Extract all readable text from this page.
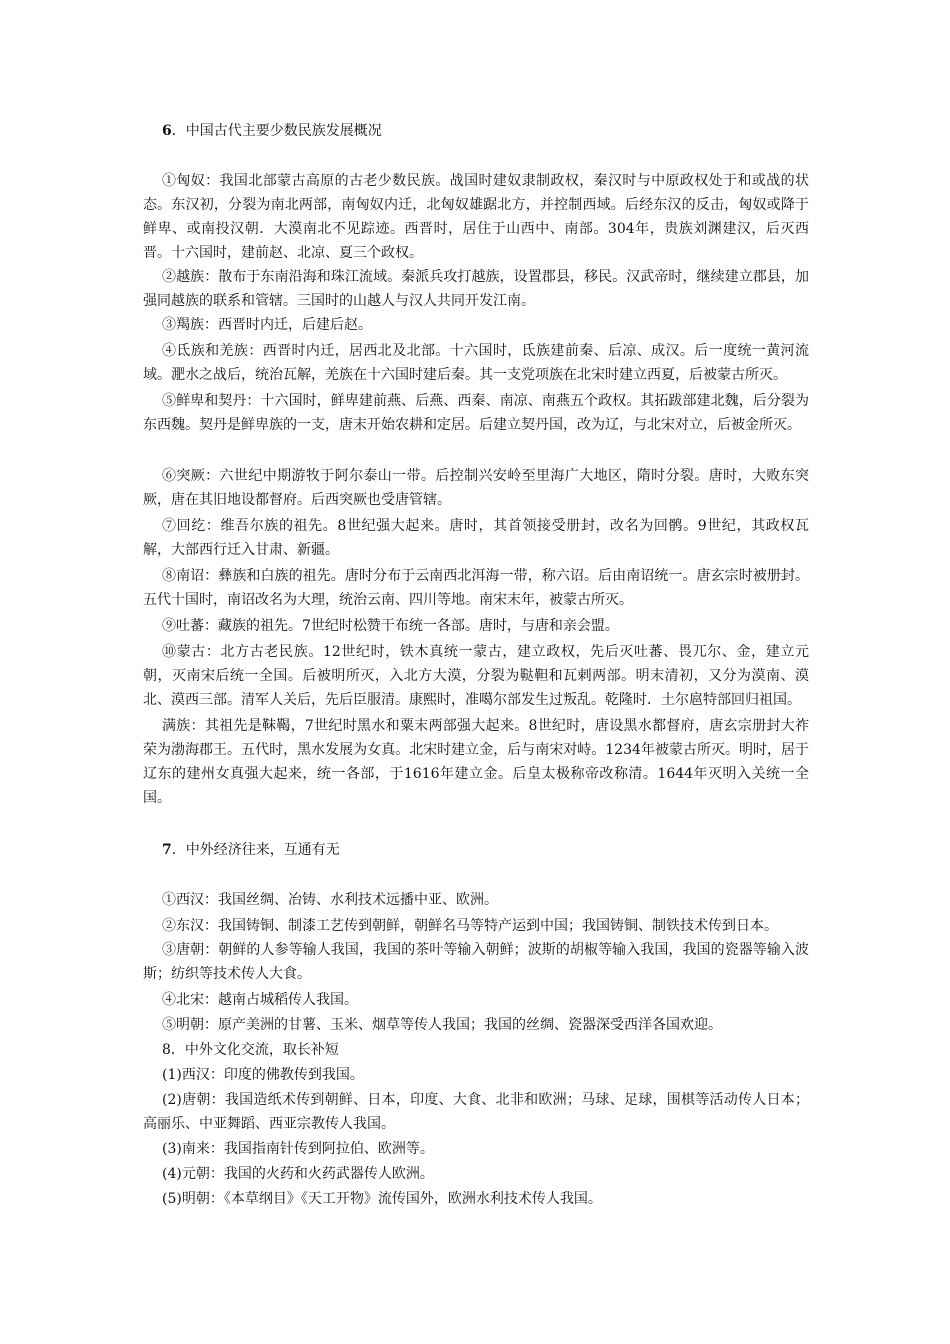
6．中国古代主要少数民族发展概况
①匈奴：我国北部蒙古高原的古老少数民族。战国时建奴隶制政权，秦汉时与中原政权处于和或战的状态。东汉初，分裂为南北两部，南匈奴内迁，北匈奴雄踞北方，并控制西域。后经东汉的反击，匈奴或降于鲜卑、或南投汉朝．大漠南北不见踪迹。西晋时，居住于山西中、南部。304年，贵族刘渊建汉，后灭西晋。十六国时，建前赵、北凉、夏三个政权。
②越族：散布于东南沿海和珠江流域。秦派兵攻打越族，设置郡县，移民。汉武帝时，继续建立郡县，加强同越族的联系和管辖。三国时的山越人与汉人共同开发江南。
③羯族：西晋时内迁，后建后赵。
④氐族和羌族：西晋时内迁，居西北及北部。十六国时，氐族建前秦、后凉、成汉。后一度统一黄河流域。淝水之战后，统治瓦解，羌族在十六国时建后秦。其一支党项族在北宋时建立西夏，后被蒙古所灭。
⑤鲜卑和契丹：十六国时，鲜卑建前燕、后燕、西秦、南凉、南燕五个政权。其拓跋部建北魏，后分裂为东西魏。契丹是鲜卑族的一支，唐末开始农耕和定居。后建立契丹国，改为辽，与北宋对立，后被金所灭。
⑥突厥：六世纪中期游牧于阿尔泰山一带。后控制兴安岭至里海广大地区，隋时分裂。唐时，大败东突厥，唐在其旧地设都督府。后西突厥也受唐管辖。
⑦回纥：维吾尔族的祖先。8世纪强大起来。唐时，其首领接受册封，改名为回鹘。9世纪，其政权瓦解，大部西行迁入甘肃、新疆。
⑧南诏：彝族和白族的祖先。唐时分布于云南西北洱海一带，称六诏。后由南诏统一。唐玄宗时被册封。五代十国时，南诏改名为大理，统治云南、四川等地。南宋末年，被蒙古所灭。
⑨吐蕃：藏族的祖先。7世纪时松赞干布统一各部。唐时，与唐和亲会盟。
⑩蒙古：北方古老民族。12世纪时，铁木真统一蒙古，建立政权，先后灭吐蕃、畏兀尔、金，建立元朝，灭南宋后统一全国。后被明所灭，入北方大漠，分裂为鞑靼和瓦剌两部。明末清初，又分为漠南、漠北、漠西三部。清军人关后，先后臣服清。康熙时，准噶尔部发生过叛乱。乾隆时．土尔扈特部回归祖国。
满族：其祖先是靺鞨，7世纪时黑水和粟末两部强大起来。8世纪时，唐设黑水都督府，唐玄宗册封大祚荣为渤海郡王。五代时，黑水发展为女真。北宋时建立金，后与南宋对峙。1234年被蒙古所灭。明时，居于辽东的建州女真强大起来，统一各部，于1616年建立金。后皇太极称帝改称清。1644年灭明入关统一全国。
7．中外经济往来，互通有无
①西汉：我国丝绸、冶铸、水利技术远播中亚、欧洲。
②东汉：我国铸铜、制漆工艺传到朝鲜，朝鲜名马等特产运到中国；我国铸铜、制铁技术传到日本。
③唐朝：朝鲜的人参等输人我国，我国的茶叶等输入朝鲜；波斯的胡椒等输入我国，我国的瓷器等输入波斯；纺织等技术传人大食。
④北宋：越南占城稻传人我国。
⑤明朝：原产美洲的甘薯、玉米、烟草等传人我国；我国的丝绸、瓷器深受西洋各国欢迎。
8．中外文化交流，取长补短
(1)西汉：印度的佛教传到我国。
(2)唐朝：我国造纸术传到朝鲜、日本，印度、大食、北非和欧洲；马球、足球，围棋等活动传人日本；高丽乐、中亚舞蹈、西亚宗教传人我国。
(3)南来：我国指南针传到阿拉伯、欧洲等。
(4)元朝：我国的火药和火药武器传人欧洲。
(5)明朝：《本草纲目》《天工开物》流传国外，欧洲水利技术传人我国。
